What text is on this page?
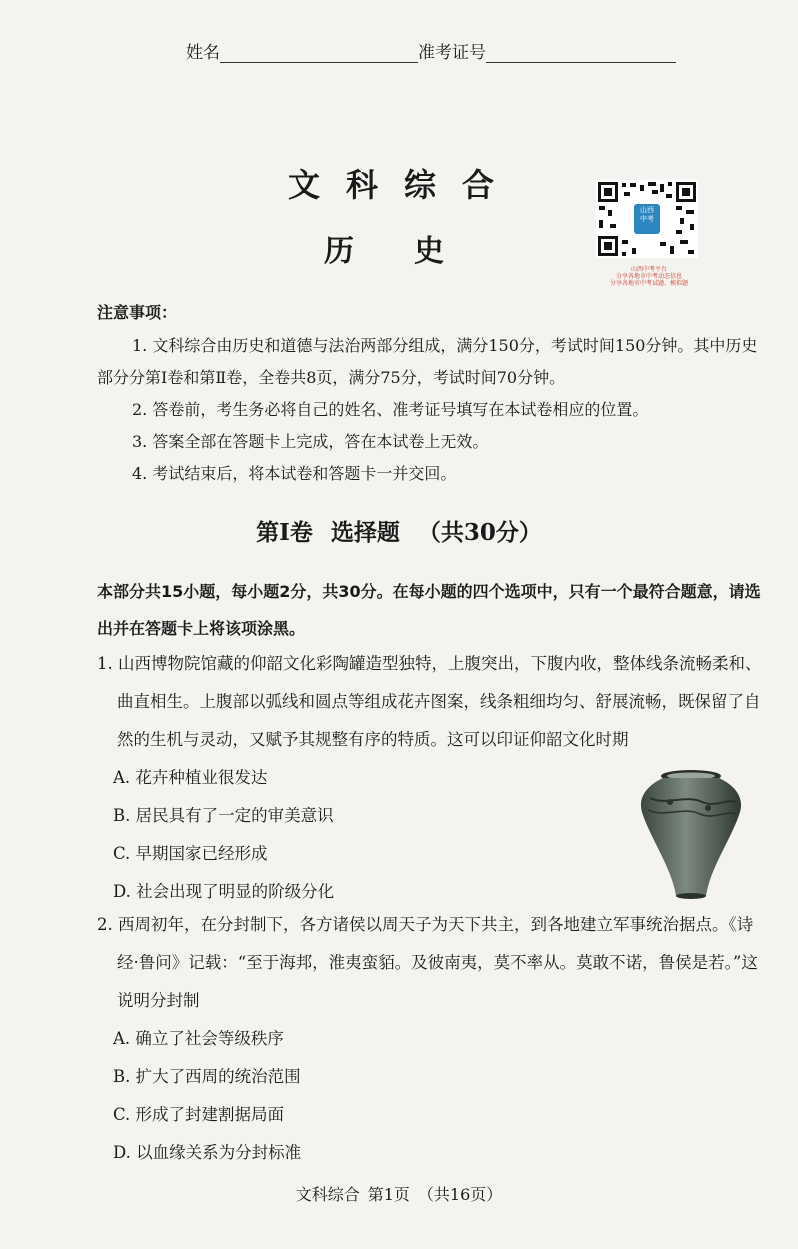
姓名	准考证号
文科综合
历史
山西
中考
山西中考平台
分享各地市中考动态信息
分享各地市中考试题、模拟题
注意事项：

1. 文科综合由历史和道德与法治两部分组成，满分150分，考试时间150分钟。其中历史部分分第Ⅰ卷和第Ⅱ卷，全卷共8页，满分75分，考试时间70分钟。

2. 答卷前，考生务必将自己的姓名、准考证号填写在本试卷相应的位置。

3. 答案全部在答题卡上完成，答在本试卷上无效。

4. 考试结束后，将本试卷和答题卡一并交回。

第Ⅰ卷 选择题 （共30分）
本部分共15小题，每小题2分，共30分。在每小题的四个选项中，只有一个最符合题意，请选出并在答题卡上将该项涂黑。

1. 山西博物院馆藏的仰韶文化彩陶罐造型独特，上腹突出，下腹内收，整体线条流畅柔和、曲直相生。上腹部以弧线和圆点等组成花卉图案，线条粗细均匀、舒展流畅，既保留了自然的生机与灵动，又赋予其规整有序的特质。这可以印证仰韶文化时期

A. 花卉种植业很发达

B. 居民具有了一定的审美意识

C. 早期国家已经形成

D. 社会出现了明显的阶级分化

2. 西周初年，在分封制下，各方诸侯以周天子为天下共主，到各地建立军事统治据点。《诗经·鲁问》记载：“至于海邦，淮夷蛮貊。及彼南夷，莫不率从。莫敢不诺，鲁侯是若。”这说明分封制

A. 确立了社会等级秩序

B. 扩大了西周的统治范围

C. 形成了封建割据局面

D. 以血缘关系为分封标准

文科综合 第1页 （共16页）
